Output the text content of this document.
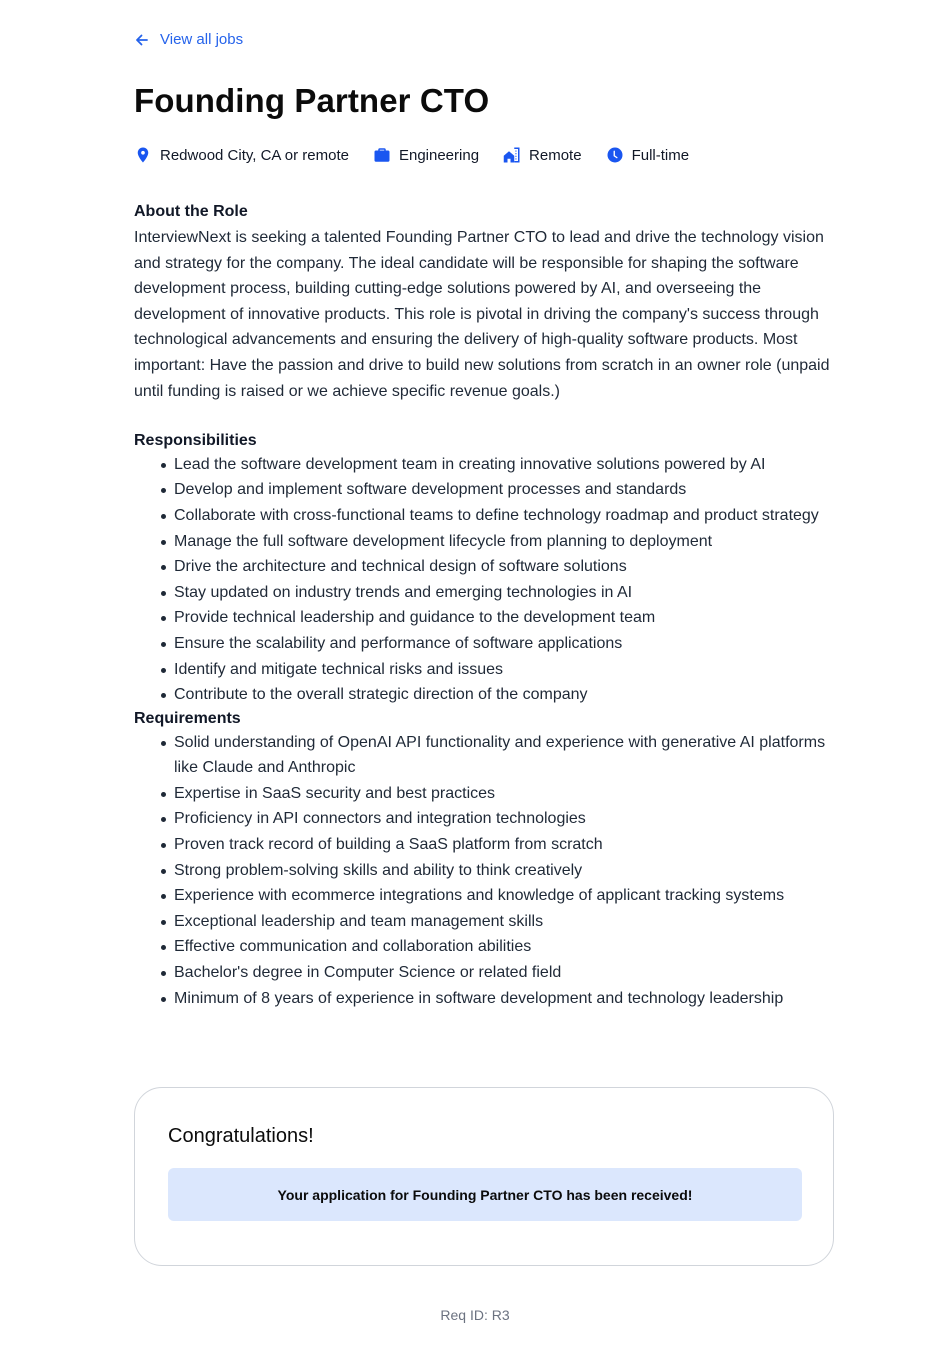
View all jobs
Founding Partner CTO
Redwood City, CA or remote	Engineering	Remote	Full-time
About the Role

InterviewNext is seeking a talented Founding Partner CTO to lead and drive the technology vision and strategy for the company. The ideal candidate will be responsible for shaping the software development process, building cutting-edge solutions powered by AI, and overseeing the development of innovative products. This role is pivotal in driving the company's success through technological advancements and ensuring the delivery of high-quality software products. Most important: Have the passion and drive to build new solutions from scratch in an owner role (unpaid until funding is raised or we achieve specific revenue goals.)

Responsibilities
Lead the software development team in creating innovative solutions powered by AI
Develop and implement software development processes and standards
Collaborate with cross-functional teams to define technology roadmap and product strategy
Manage the full software development lifecycle from planning to deployment
Drive the architecture and technical design of software solutions
Stay updated on industry trends and emerging technologies in AI
Provide technical leadership and guidance to the development team
Ensure the scalability and performance of software applications
Identify and mitigate technical risks and issues
Contribute to the overall strategic direction of the company
Requirements
Solid understanding of OpenAI API functionality and experience with generative AI platforms like Claude and Anthropic
Expertise in SaaS security and best practices
Proficiency in API connectors and integration technologies
Proven track record of building a SaaS platform from scratch
Strong problem-solving skills and ability to think creatively
Experience with ecommerce integrations and knowledge of applicant tracking systems
Exceptional leadership and team management skills
Effective communication and collaboration abilities
Bachelor's degree in Computer Science or related field
Minimum of 8 years of experience in software development and technology leadership
Congratulations!
Your application for Founding Partner CTO has been received!
Req ID: R3
